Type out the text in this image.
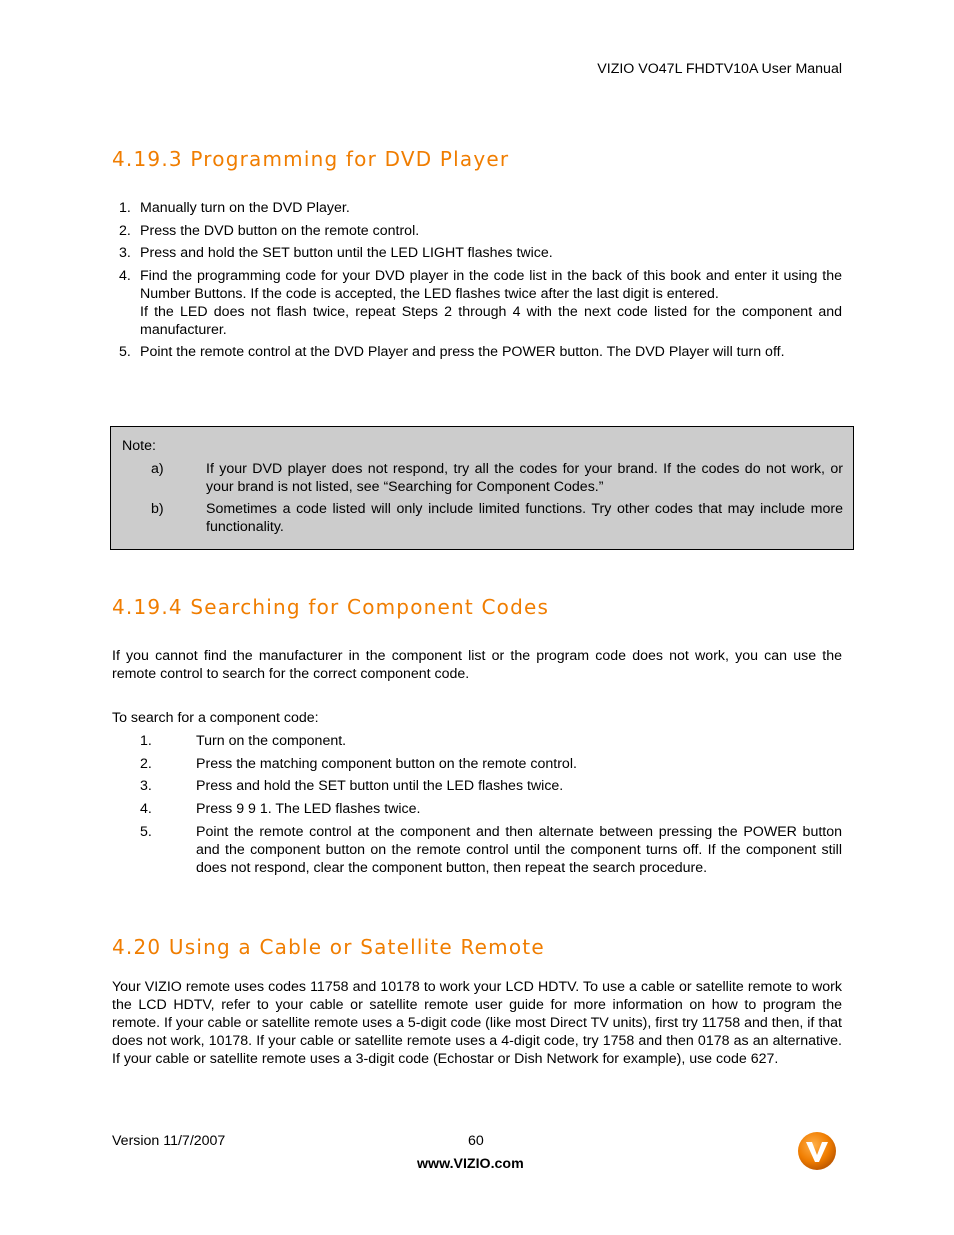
VIZIO VO47L FHDTV10A User Manual
4.19.3 Programming for DVD Player
1. Manually turn on the DVD Player.
2. Press the DVD button on the remote control.
3. Press and hold the SET button until the LED LIGHT flashes twice.
4. Find the programming code for your DVD player in the code list in the back of this book and enter it using the Number Buttons. If the code is accepted, the LED flashes twice after the last digit is entered.
If the LED does not flash twice, repeat Steps 2 through 4 with the next code listed for the component and manufacturer.
5. Point the remote control at the DVD Player and press the POWER button. The DVD Player will turn off.
Note:
a)	If your DVD player does not respond, try all the codes for your brand. If the codes do not work, or your brand is not listed, see “Searching for Component Codes.”
b)	Sometimes a code listed will only include limited functions. Try other codes that may include more functionality.
4.19.4 Searching for Component Codes

If you cannot find the manufacturer in the component list or the program code does not work, you can use the remote control to search for the correct component code.

To search for a component code:

1.	Turn on the component.
2.	Press the matching component button on the remote control.
3.	Press and hold the SET button until the LED flashes twice.
4.	Press 9 9 1. The LED flashes twice.
5.	Point the remote control at the component and then alternate between pressing the POWER button and the component button on the remote control until the component turns off. If the component still does not respond, clear the component button, then repeat the search procedure.
4.20 Using a Cable or Satellite Remote

Your VIZIO remote uses codes 11758 and 10178 to work your LCD HDTV. To use a cable or satellite remote to work the LCD HDTV, refer to your cable or satellite remote user guide for more information on how to program the remote. If your cable or satellite remote uses a 5-digit code (like most Direct TV units), first try 11758 and then, if that does not work, 10178. If your cable or satellite remote uses a 4-digit code, try 1758 and then 0178 as an alternative. If your cable or satellite remote uses a 3-digit code (Echostar or Dish Network for example), use code 627.

Version 11/7/2007	60
www.VIZIO.com
